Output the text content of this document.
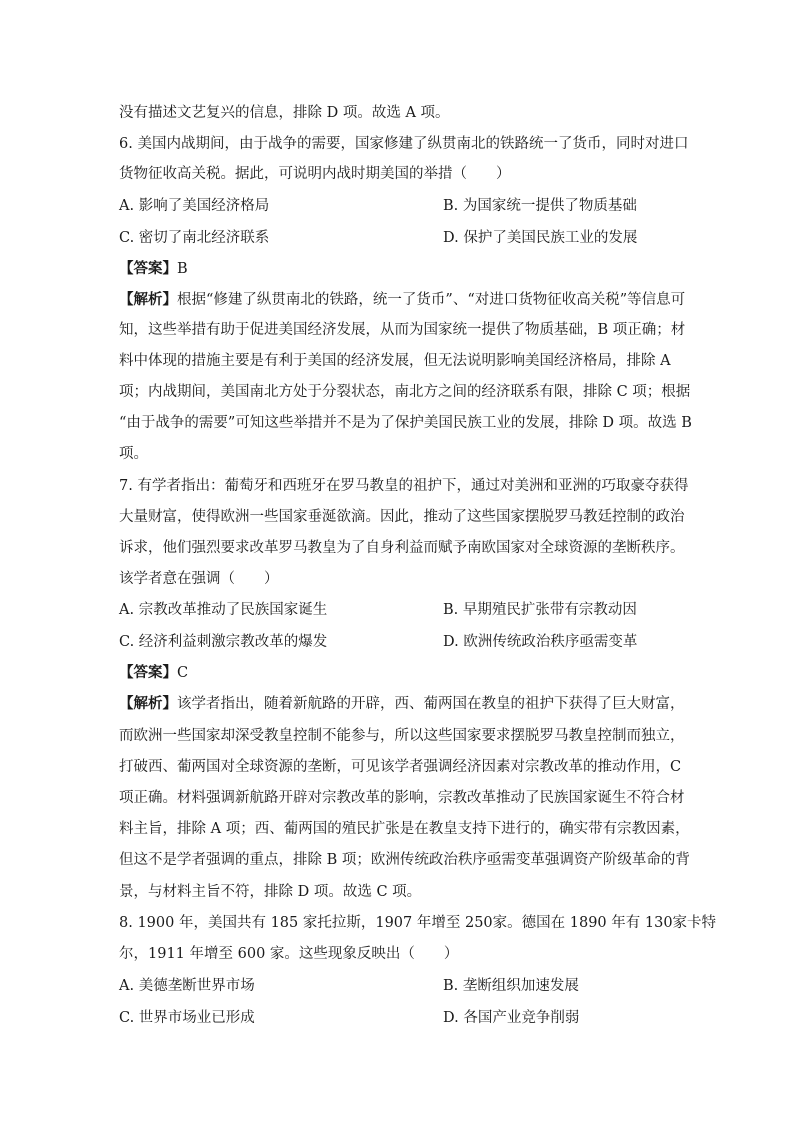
没有描述文艺复兴的信息，排除 D 项。故选 A 项。
6. 美国内战期间，由于战争的需要，国家修建了纵贯南北的铁路统一了货币，同时对进口
货物征收高关税。据此，可说明内战时期美国的举措（　　）
A. 影响了美国经济格局	B. 为国家统一提供了物质基础
C. 密切了南北经济联系	D. 保护了美国民族工业的发展
【答案】B
【解析】根据“修建了纵贯南北的铁路，统一了货币”、“对进口货物征收高关税”等信息可
知，这些举措有助于促进美国经济发展，从而为国家统一提供了物质基础，B 项正确；材
料中体现的措施主要是有利于美国的经济发展，但无法说明影响美国经济格局，排除 A
项；内战期间，美国南北方处于分裂状态，南北方之间的经济联系有限，排除 C 项；根据
“由于战争的需要”可知这些举措并不是为了保护美国民族工业的发展，排除 D 项。故选 B
项。
7. 有学者指出：葡萄牙和西班牙在罗马教皇的祖护下，通过对美洲和亚洲的巧取豪夺获得
大量财富，使得欧洲一些国家垂涎欲滴。因此，推动了这些国家摆脱罗马教廷控制的政治
诉求，他们强烈要求改革罗马教皇为了自身利益而赋予南欧国家对全球资源的垄断秩序。
该学者意在强调（　　）
A. 宗教改革推动了民族国家诞生	B. 早期殖民扩张带有宗教动因
C. 经济利益刺激宗教改革的爆发	D. 欧洲传统政治秩序亟需变革
【答案】C
【解析】该学者指出，随着新航路的开辟，西、葡两国在教皇的祖护下获得了巨大财富，
而欧洲一些国家却深受教皇控制不能参与，所以这些国家要求摆脱罗马教皇控制而独立，
打破西、葡两国对全球资源的垄断，可见该学者强调经济因素对宗教改革的推动作用，C
项正确。材料强调新航路开辟对宗教改革的影响，宗教改革推动了民族国家诞生不符合材
料主旨，排除 A 项；西、葡两国的殖民扩张是在教皇支持下进行的，确实带有宗教因素，
但这不是学者强调的重点，排除 B 项；欧洲传统政治秩序亟需变革强调资产阶级革命的背
景，与材料主旨不符，排除 D 项。故选 C 项。
8. 1900 年，美国共有 185 家托拉斯，1907 年增至 250家。德国在 1890 年有 130家卡特
尔，1911 年增至 600 家。这些现象反映出（　　）
A. 美德垄断世界市场	B. 垄断组织加速发展
C. 世界市场业已形成	D. 各国产业竞争削弱
